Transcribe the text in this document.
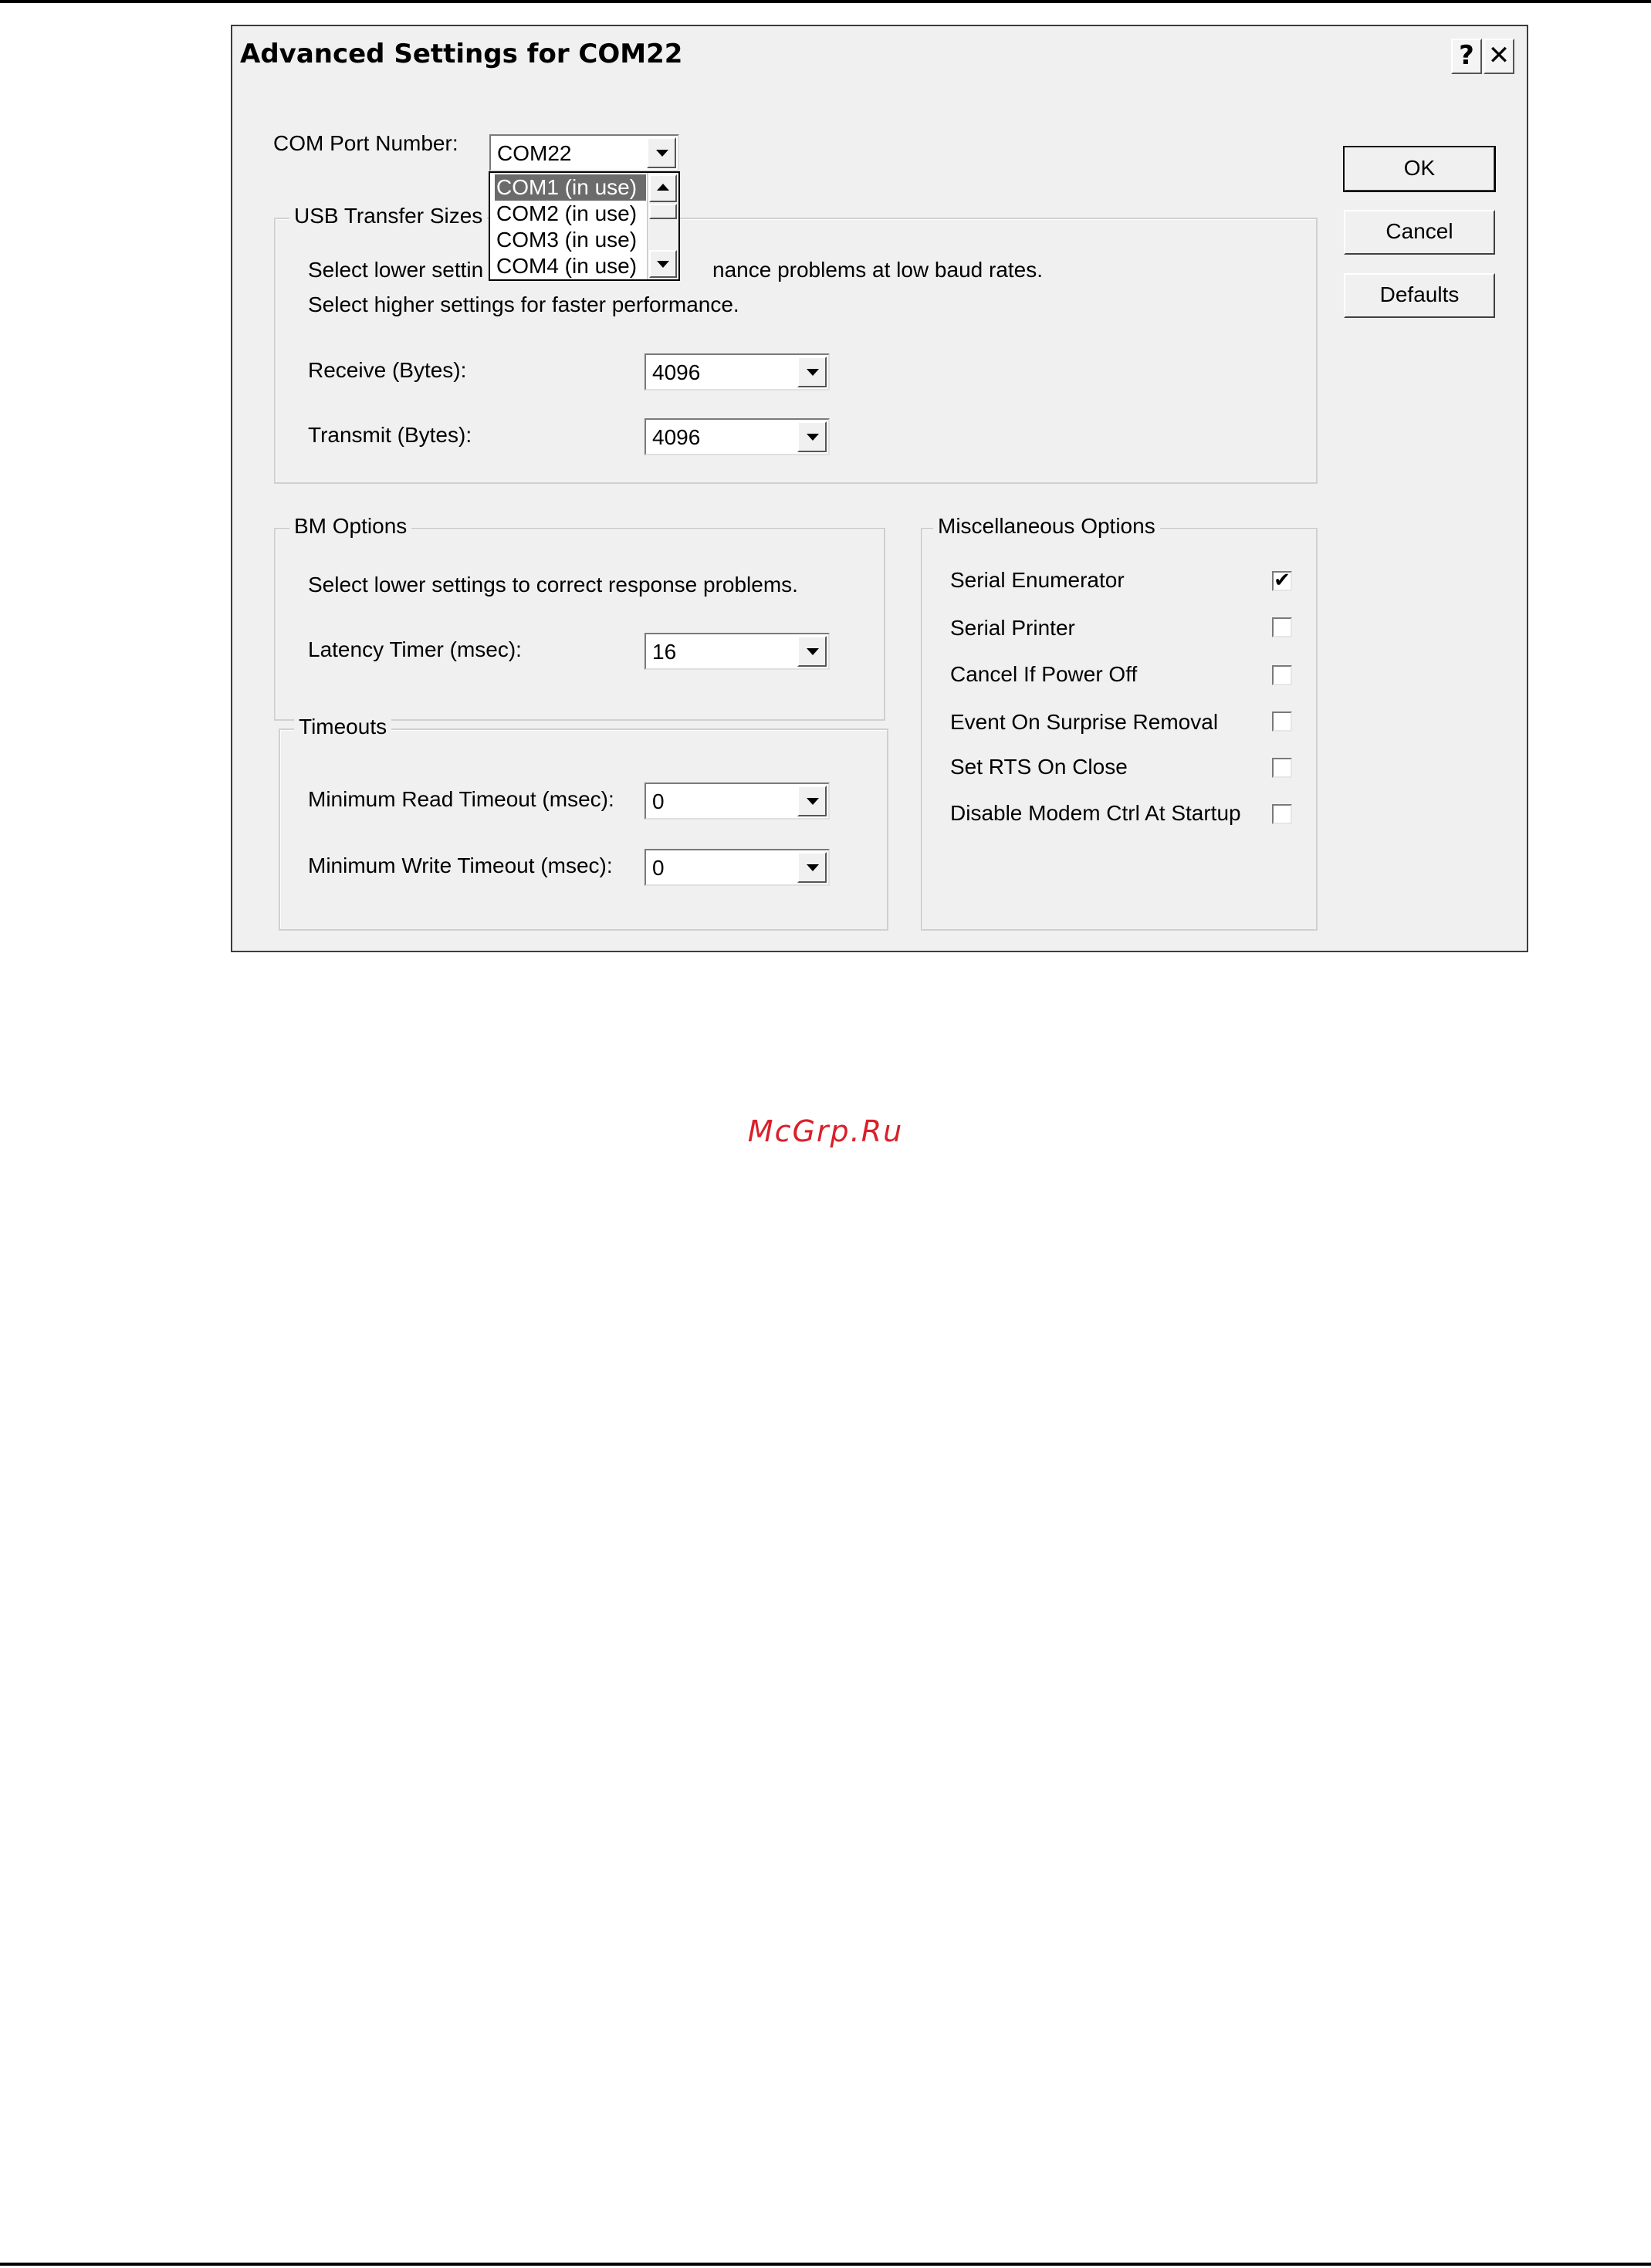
Advanced Settings for COM22	? ✕
COM Port Number: COM22
COM1 (in use)
COM2 (in use)
COM3 (in use)
COM4 (in use)
USB Transfer Sizes
Select lower settin	nance problems at low baud rates.
Select higher settings for faster performance.
Receive (Bytes):	4096
Transmit (Bytes):	4096
BM Options
Select lower settings to correct response problems.
Latency Timer (msec):	16
Timeouts
Minimum Read Timeout (msec): 0
Minimum Write Timeout (msec): 0
Miscellaneous Options
Serial Enumerator	✔
Serial Printer
Cancel If Power Off
Event On Surprise Removal
Set RTS On Close
Disable Modem Ctrl At Startup
OK
Cancel
Defaults
McGrp.Ru
